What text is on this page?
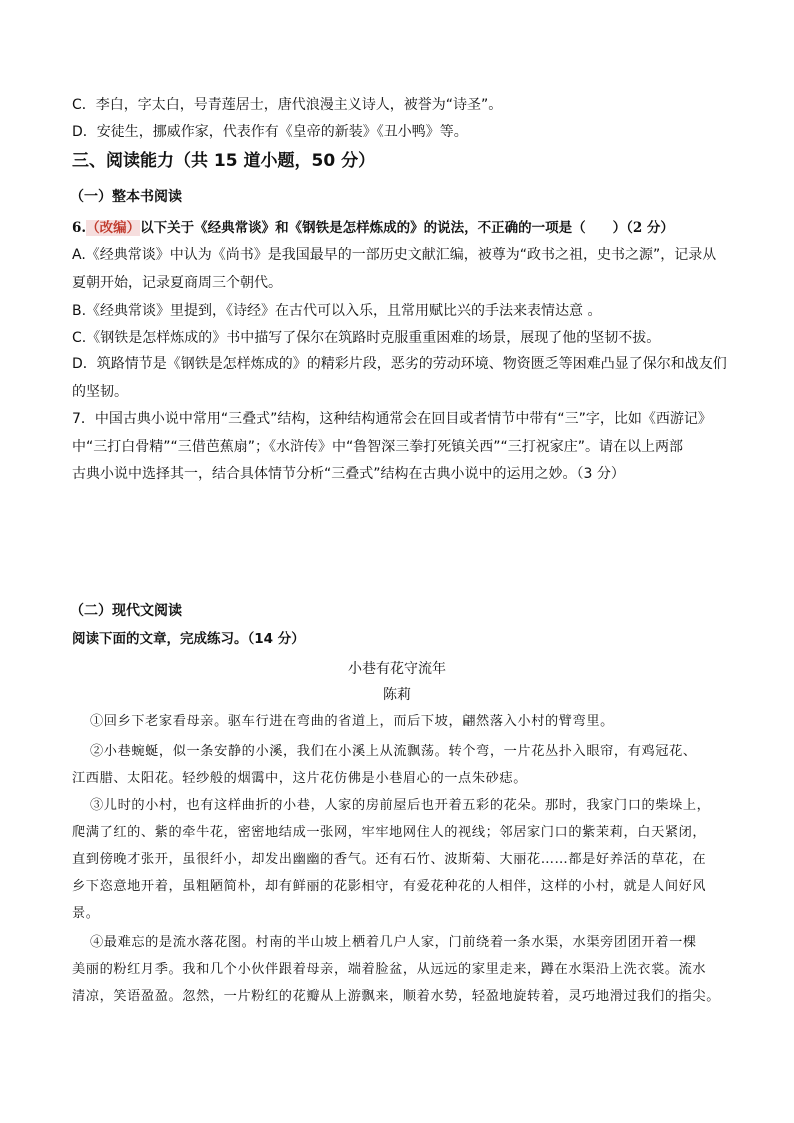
C．李白，字太白，号青莲居士，唐代浪漫主义诗人，被誉为“诗圣”。
D．安徒生，挪威作家，代表作有《皇帝的新装》《丑小鸭》等。
三、阅读能力（共 15 道小题，50 分）
（一）整本书阅读
6.（改编）以下关于《经典常谈》和《钢铁是怎样炼成的》的说法，不正确的一项是（　　）（2 分）
A.《经典常谈》中认为《尚书》是我国最早的一部历史文献汇编，被尊为“政书之祖，史书之源”，记录从
夏朝开始，记录夏商周三个朝代。
B.《经典常谈》里提到，《诗经》在古代可以入乐，且常用赋比兴的手法来表情达意 。
C.《钢铁是怎样炼成的》书中描写了保尔在筑路时克服重重困难的场景，展现了他的坚韧不拔。
D．筑路情节是《钢铁是怎样炼成的》的精彩片段，恶劣的劳动环境、物资匮乏等困难凸显了保尔和战友们
的坚韧。
7．中国古典小说中常用“三叠式”结构，这种结构通常会在回目或者情节中带有“三”字，比如《西游记》
中“三打白骨精”“三借芭蕉扇”；《水浒传》中“鲁智深三拳打死镇关西”“三打祝家庄”。请在以上两部
古典小说中选择其一，结合具体情节分析“三叠式”结构在古典小说中的运用之妙。（3 分）
（二）现代文阅读
阅读下面的文章，完成练习。（14 分）
小巷有花守流年
陈莉
①回乡下老家看母亲。驱车行进在弯曲的省道上，而后下坡，翩然落入小村的臂弯里。
②小巷蜿蜒，似一条安静的小溪，我们在小溪上从流飘荡。转个弯，一片花丛扑入眼帘，有鸡冠花、
江西腊、太阳花。轻纱般的烟霭中，这片花仿佛是小巷眉心的一点朱砂痣。
③儿时的小村，也有这样曲折的小巷，人家的房前屋后也开着五彩的花朵。那时，我家门口的柴垛上，
爬满了红的、紫的牵牛花，密密地结成一张网，牢牢地网住人的视线；邻居家门口的紫茉莉，白天紧闭，
直到傍晚才张开，虽很纤小，却发出幽幽的香气。还有石竹、波斯菊、大丽花……都是好养活的草花，在
乡下恣意地开着，虽粗陋简朴，却有鲜丽的花影相守，有爱花种花的人相伴，这样的小村，就是人间好风
景。
④最难忘的是流水落花图。村南的半山坡上栖着几户人家，门前绕着一条水渠，水渠旁团团开着一棵
美丽的粉红月季。我和几个小伙伴跟着母亲，端着脸盆，从远远的家里走来，蹲在水渠沿上洗衣裳。流水
清凉，笑语盈盈。忽然，一片粉红的花瓣从上游飘来，顺着水势，轻盈地旋转着，灵巧地滑过我们的指尖。
